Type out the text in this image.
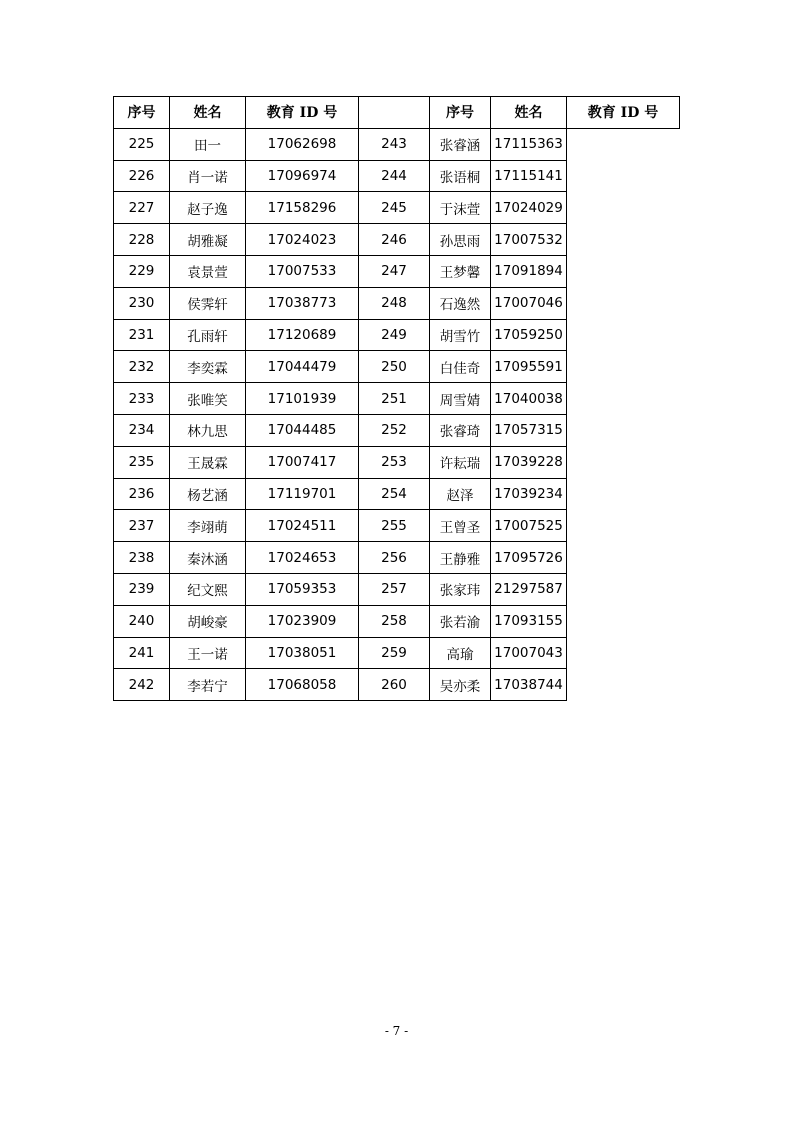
序号	姓名	教育 ID 号		序号	姓名	教育 ID 号
225	田一	17062698	243	张睿涵	17115363	
226	肖一诺	17096974	244	张语桐	17115141	
227	赵子逸	17158296	245	于沫萱	17024029	
228	胡雅凝	17024023	246	孙思雨	17007532	
229	袁景萱	17007533	247	王梦馨	17091894	
230	侯霁轩	17038773	248	石逸然	17007046	
231	孔雨轩	17120689	249	胡雪竹	17059250	
232	李奕霖	17044479	250	白佳奇	17095591	
233	张唯笑	17101939	251	周雪婧	17040038	
234	林九思	17044485	252	张睿琦	17057315	
235	王晟霖	17007417	253	许耘瑞	17039228	
236	杨艺涵	17119701	254	赵泽	17039234	
237	李翊萌	17024511	255	王曾圣	17007525	
238	秦沐涵	17024653	256	王静雅	17095726	
239	纪文熙	17059353	257	张家玮	21297587	
240	胡峻豪	17023909	258	张若渝	17093155	
241	王一诺	17038051	259	高瑜	17007043	
242	李若宁	17068058	260	吴亦柔	17038744	
- 7 -
